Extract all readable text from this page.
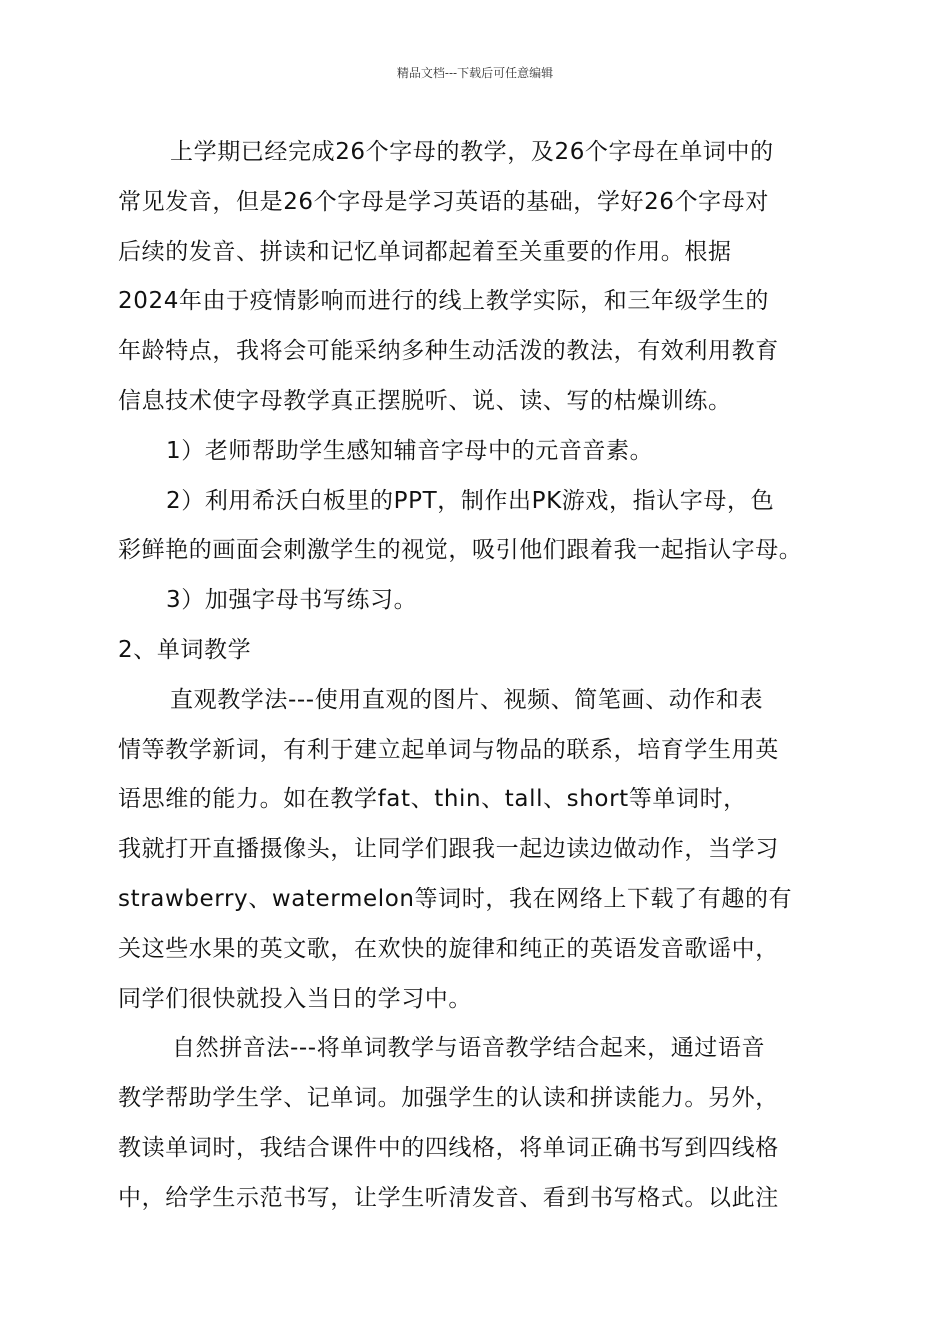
精品文档---下载后可任意编辑
上学期已经完成26个字母的教学，及26个字母在单词中的
常见发音，但是26个字母是学习英语的基础，学好26个字母对
后续的发音、拼读和记忆单词都起着至关重要的作用。根据
2024年由于疫情影响而进行的线上教学实际，和三年级学生的
年龄特点，我将会可能采纳多种生动活泼的教法，有效利用教育
信息技术使字母教学真正摆脱听、说、读、写的枯燥训练。
1）老师帮助学生感知辅音字母中的元音音素。
2）利用希沃白板里的PPT，制作出PK游戏，指认字母，色
彩鲜艳的画面会刺激学生的视觉，吸引他们跟着我一起指认字母。
3）加强字母书写练习。
2、单词教学
直观教学法---使用直观的图片、视频、简笔画、动作和表
情等教学新词，有利于建立起单词与物品的联系，培育学生用英
语思维的能力。如在教学fat、thin、tall、short等单词时，
我就打开直播摄像头，让同学们跟我一起边读边做动作，当学习
strawberry、watermelon等词时，我在网络上下载了有趣的有
关这些水果的英文歌，在欢快的旋律和纯正的英语发音歌谣中，
同学们很快就投入当日的学习中。
自然拼音法---将单词教学与语音教学结合起来，通过语音
教学帮助学生学、记单词。加强学生的认读和拼读能力。另外，
教读单词时，我结合课件中的四线格，将单词正确书写到四线格
中，给学生示范书写，让学生听清发音、看到书写格式。以此注
